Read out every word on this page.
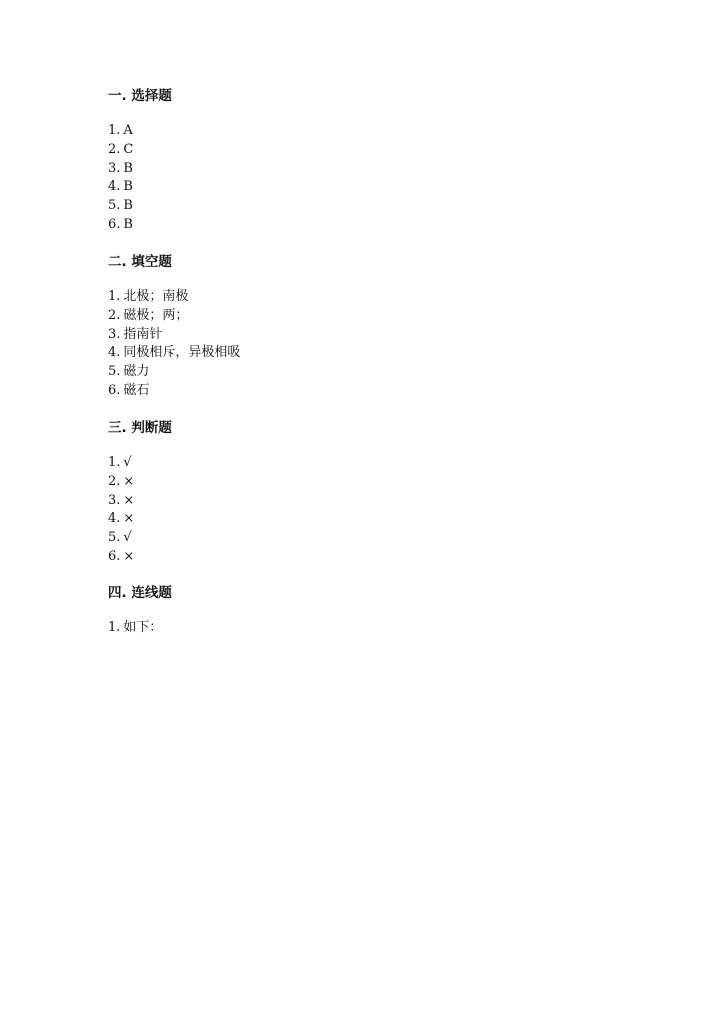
一. 选择题
1. A
2. C
3. B
4. B
5. B
6. B
二. 填空题
1. 北极；南极
2. 磁极；两；
3. 指南针
4. 同极相斥，异极相吸
5. 磁力
6. 磁石
三. 判断题
1. √
2. ×
3. ×
4. ×
5. √
6. ×
四. 连线题
1. 如下：
